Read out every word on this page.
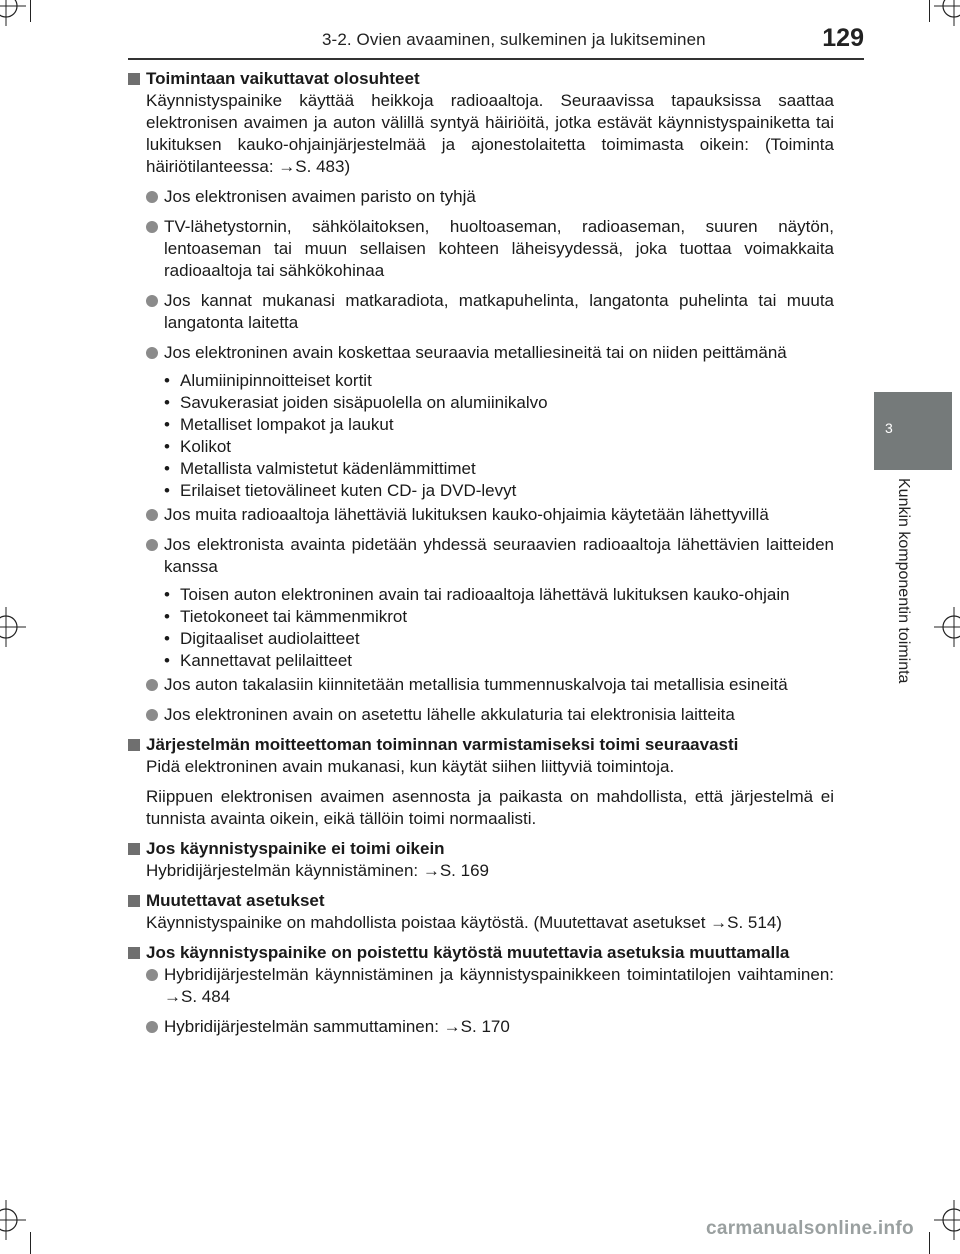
3-2. Ovien avaaminen, sulkeminen ja lukitseminen	129
3
Kunkin komponentin toiminta
Toimintaan vaikuttavat olosuhteet
Käynnistyspainike käyttää heikkoja radioaaltoja. Seuraavissa tapauksissa saattaa elektronisen avaimen ja auton välillä syntyä häiriöitä, jotka estävät käynnistyspainiketta tai lukituksen kauko-ohjainjärjestelmää ja ajonestolaitetta toimimasta oikein: (Toiminta häiriötilanteessa: →S. 483)
Jos elektronisen avaimen paristo on tyhjä
TV-lähetystornin, sähkölaitoksen, huoltoaseman, radioaseman, suuren näytön, lentoaseman tai muun sellaisen kohteen läheisyydessä, joka tuottaa voimakkaita radioaaltoja tai sähkökohinaa
Jos kannat mukanasi matkaradiota, matkapuhelinta, langatonta puhelinta tai muuta langatonta laitetta
Jos elektroninen avain koskettaa seuraavia metalliesineitä tai on niiden peittämänä
• Alumiinipinnoitteiset kortit
• Savukerasiat joiden sisäpuolella on alumiinikalvo
• Metalliset lompakot ja laukut
• Kolikot
• Metallista valmistetut kädenlämmittimet
• Erilaiset tietovälineet kuten CD- ja DVD-levyt
Jos muita radioaaltoja lähettäviä lukituksen kauko-ohjaimia käytetään lähettyvillä
Jos elektronista avainta pidetään yhdessä seuraavien radioaaltoja lähettävien laitteiden kanssa
• Toisen auton elektroninen avain tai radioaaltoja lähettävä lukituksen kauko-ohjain
• Tietokoneet tai kämmenmikrot
• Digitaaliset audiolaitteet
• Kannettavat pelilaitteet
Jos auton takalasiin kiinnitetään metallisia tummennuskalvoja tai metallisia esineitä
Jos elektroninen avain on asetettu lähelle akkulaturia tai elektronisia laitteita
Järjestelmän moitteettoman toiminnan varmistamiseksi toimi seuraavasti
Pidä elektroninen avain mukanasi, kun käytät siihen liittyviä toimintoja.
Riippuen elektronisen avaimen asennosta ja paikasta on mahdollista, että järjestelmä ei tunnista avainta oikein, eikä tällöin toimi normaalisti.
Jos käynnistyspainike ei toimi oikein
Hybridijärjestelmän käynnistäminen: →S. 169
Muutettavat asetukset
Käynnistyspainike on mahdollista poistaa käytöstä. (Muutettavat asetukset →S. 514)
Jos käynnistyspainike on poistettu käytöstä muutettavia asetuksia muuttamalla
Hybridijärjestelmän käynnistäminen ja käynnistyspainikkeen toimintatilojen vaihtaminen: →S. 484
Hybridijärjestelmän sammuttaminen: →S. 170
carmanualsonline.info
